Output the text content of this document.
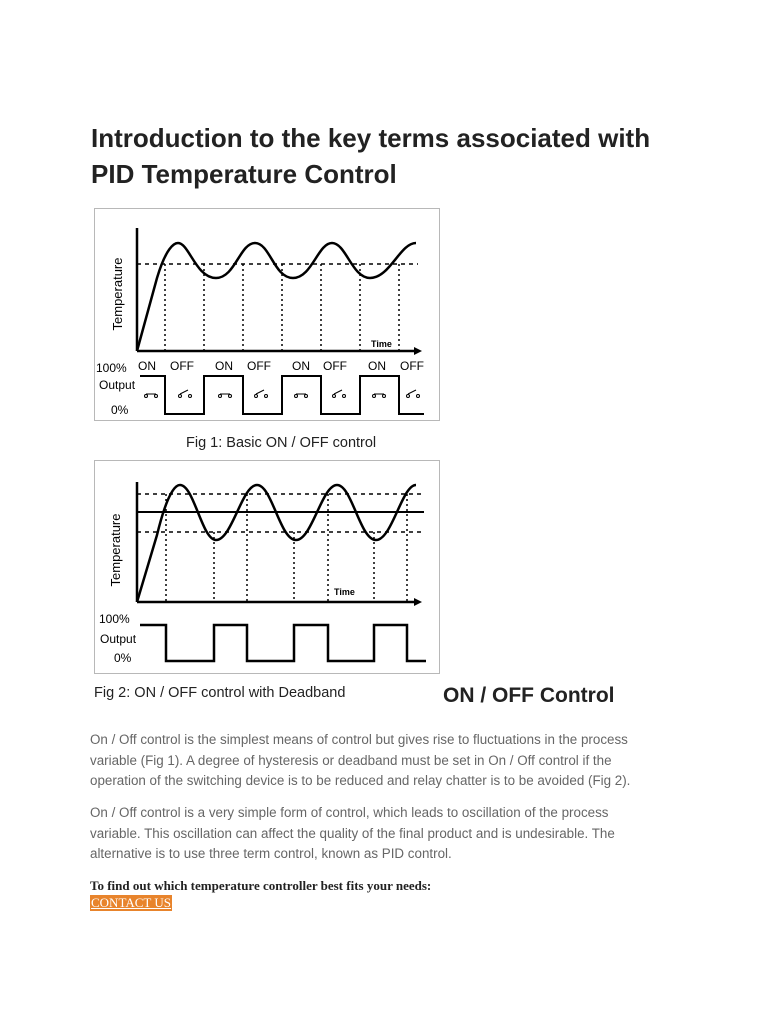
Introduction to the key terms associated with
PID Temperature Control
Temperature
Time
ON OFF ON OFF ON OFF ON OFF
100%
Output
0%
Fig 1: Basic ON / OFF control
Temperature
Time
100%
Output
0%
Fig 2: ON / OFF control with Deadband	ON / OFF Control

On / Off control is the simplest means of control but gives rise to fluctuations in the process
variable (Fig 1). A degree of hysteresis or deadband must be set in On / Off control if the
operation of the switching device is to be reduced and relay chatter is to be avoided (Fig 2).

On / Off control is a very simple form of control, which leads to oscillation of the process
variable. This oscillation can affect the quality of the final product and is undesirable. The
alternative is to use three term control, known as PID control.

To find out which temperature controller best fits your needs:

CONTACT US
